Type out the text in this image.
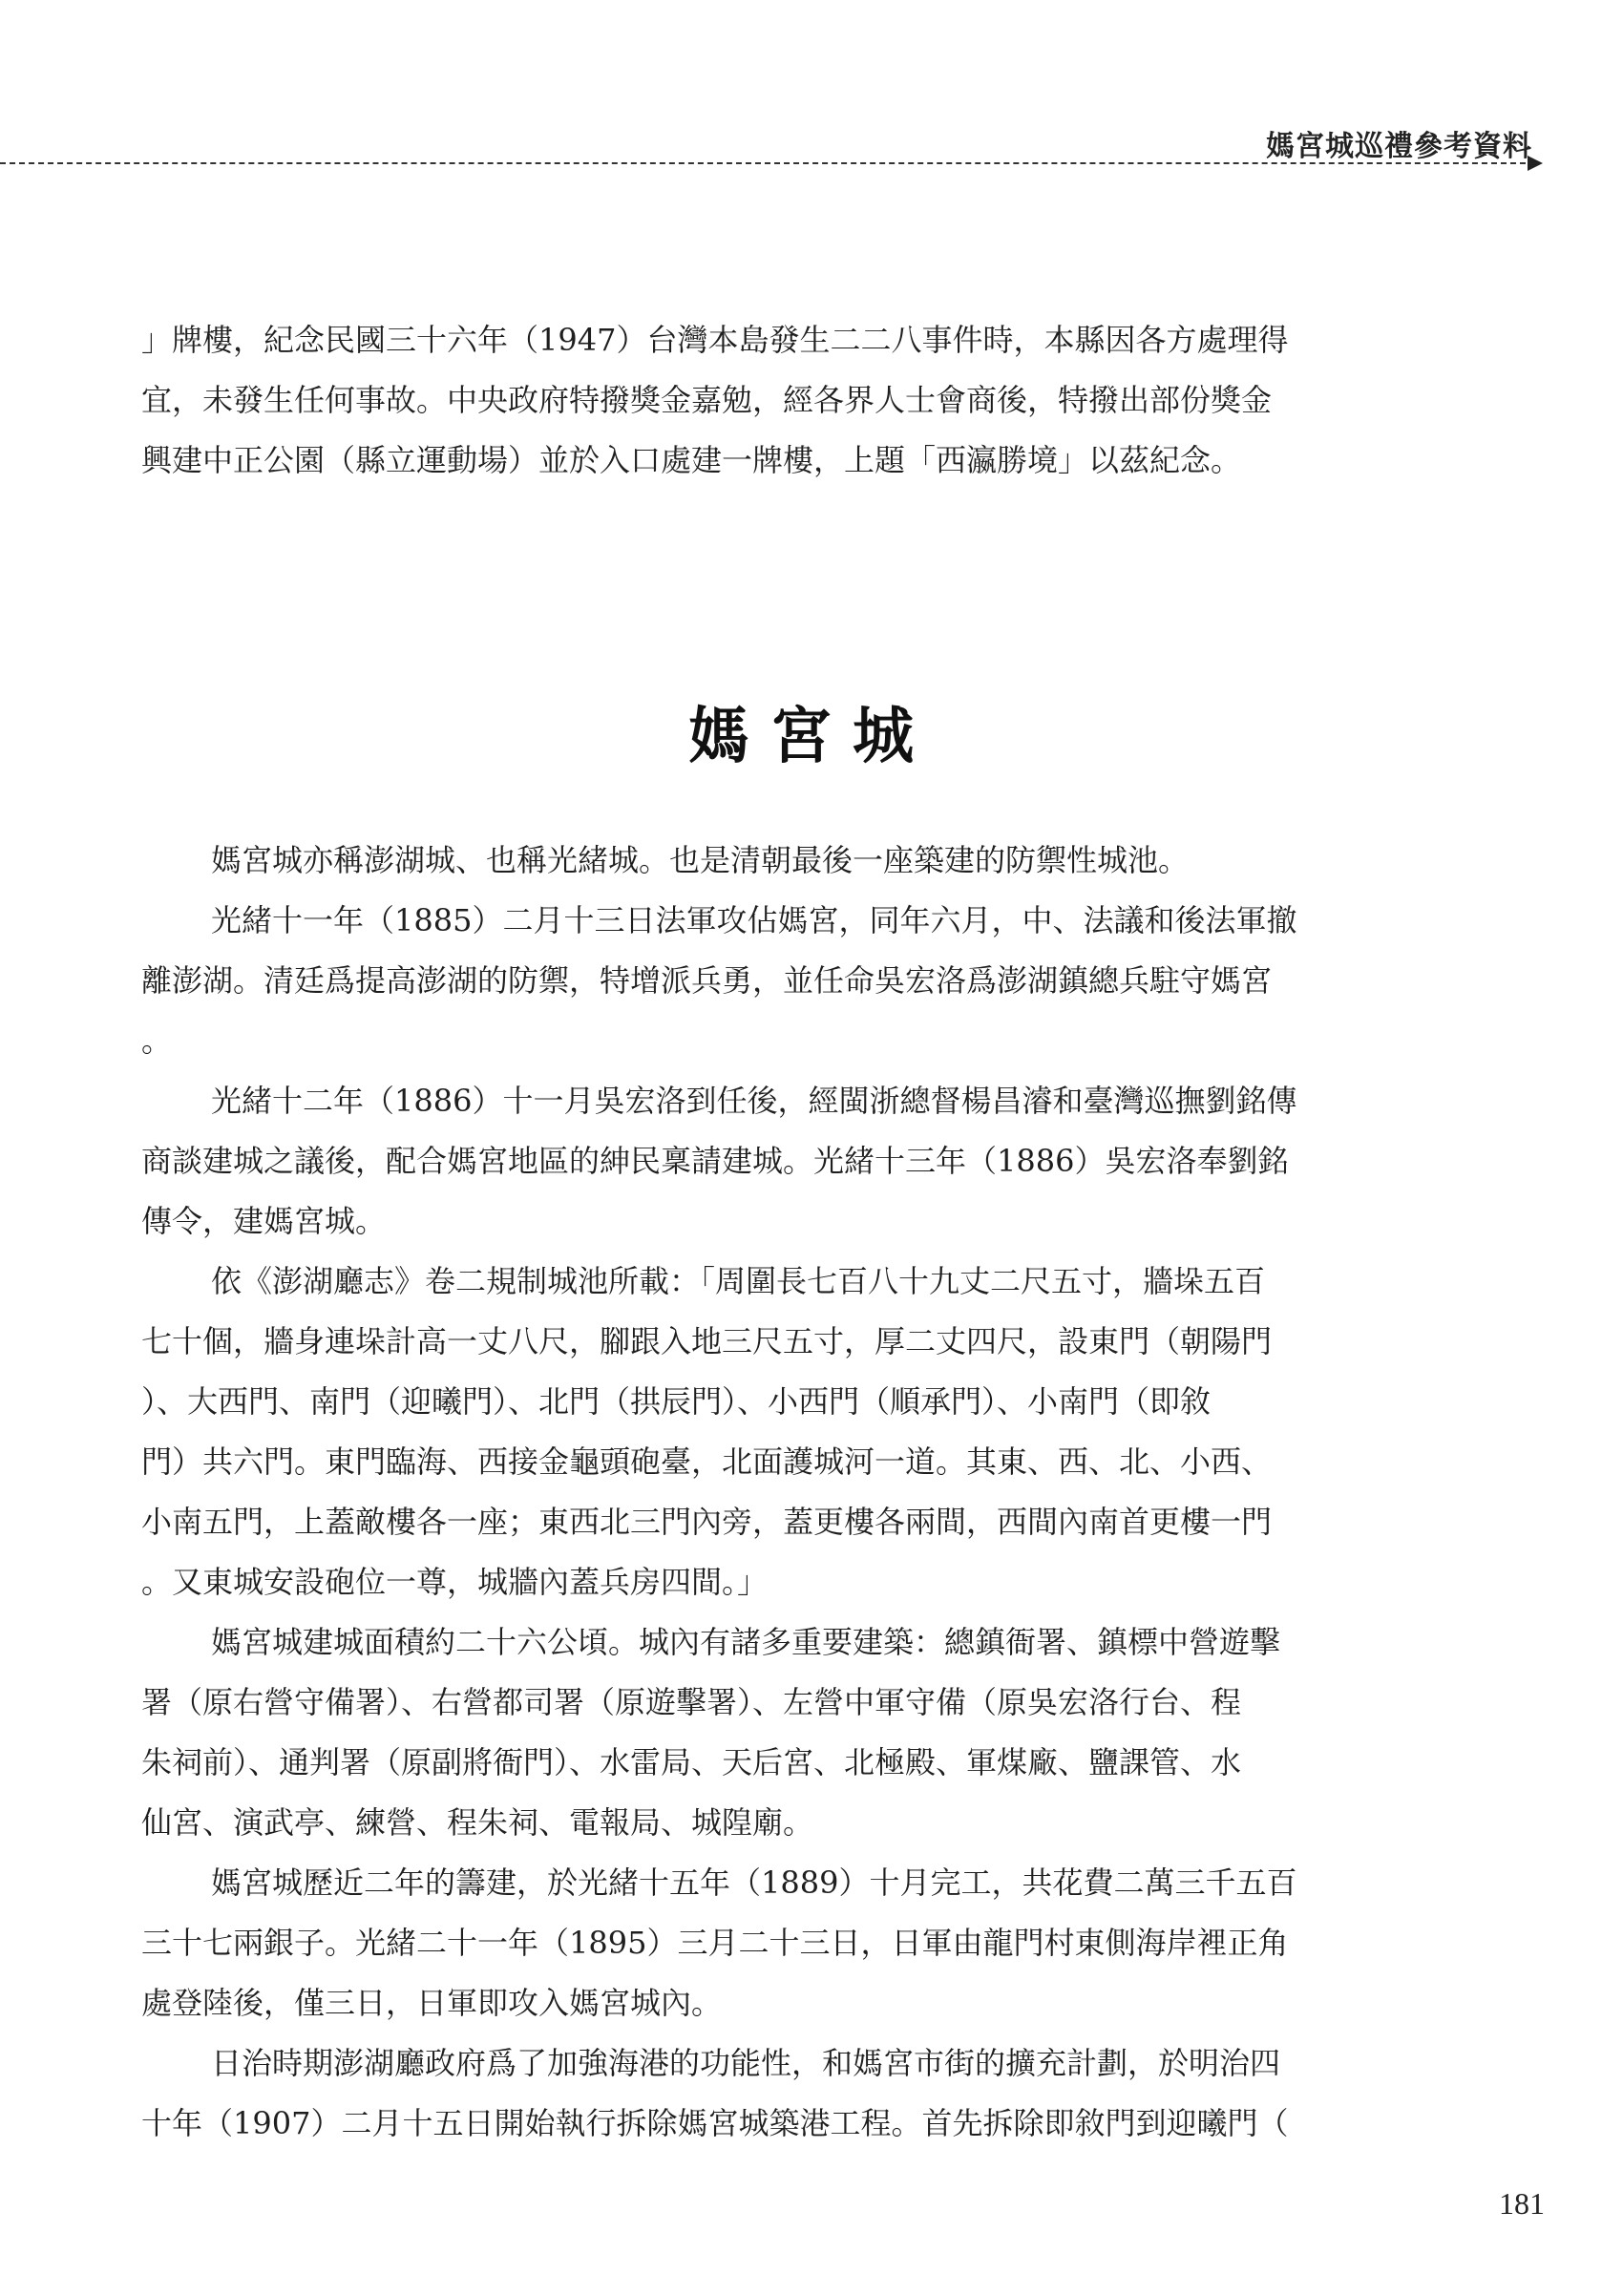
媽宮城巡禮參考資料

」牌樓，紀念民國三十六年（1947）台灣本島發生二二八事件時，本縣因各方處理得

宜，未發生任何事故。中央政府特撥獎金嘉勉，經各界人士會商後，特撥出部份獎金

興建中正公園（縣立運動場）並於入口處建一牌樓，上題「西瀛勝境」以茲紀念。

媽宮城

媽宮城亦稱澎湖城、也稱光緒城。也是清朝最後一座築建的防禦性城池。

光緒十一年（1885）二月十三日法軍攻佔媽宮，同年六月，中、法議和後法軍撤

離澎湖。清廷爲提高澎湖的防禦，特增派兵勇，並任命吳宏洛爲澎湖鎮總兵駐守媽宮

。

光緒十二年（1886）十一月吳宏洛到任後，經閩浙總督楊昌濬和臺灣巡撫劉銘傳

商談建城之議後，配合媽宮地區的紳民稟請建城。光緒十三年（1886）吳宏洛奉劉銘

傳令，建媽宮城。

依《澎湖廳志》卷二規制城池所載：「周圍長七百八十九丈二尺五寸，牆垛五百

七十個，牆身連垛計高一丈八尺，腳跟入地三尺五寸，厚二丈四尺，設東門（朝陽門

）、大西門、南門（迎曦門）、北門（拱辰門）、小西門（順承門）、小南門（即敘

門）共六門。東門臨海、西接金龜頭砲臺，北面護城河一道。其東、西、北、小西、

小南五門，上蓋敵樓各一座；東西北三門內旁，蓋更樓各兩間，西間內南首更樓一門

。又東城安設砲位一尊，城牆內蓋兵房四間。」

媽宮城建城面積約二十六公頃。城內有諸多重要建築：總鎮衙署、鎮標中營遊擊

署（原右營守備署）、右營都司署（原遊擊署）、左營中軍守備（原吳宏洛行台、程

朱祠前）、通判署（原副將衙門）、水雷局、天后宮、北極殿、軍煤廠、鹽課管、水

仙宮、演武亭、練營、程朱祠、電報局、城隍廟。

媽宮城歷近二年的籌建，於光緒十五年（1889）十月完工，共花費二萬三千五百

三十七兩銀子。光緒二十一年（1895）三月二十三日，日軍由龍門村東側海岸裡正角

處登陸後，僅三日，日軍即攻入媽宮城內。

日治時期澎湖廳政府爲了加強海港的功能性，和媽宮市街的擴充計劃，於明治四

十年（1907）二月十五日開始執行拆除媽宮城築港工程。首先拆除即敘門到迎曦門（

181
